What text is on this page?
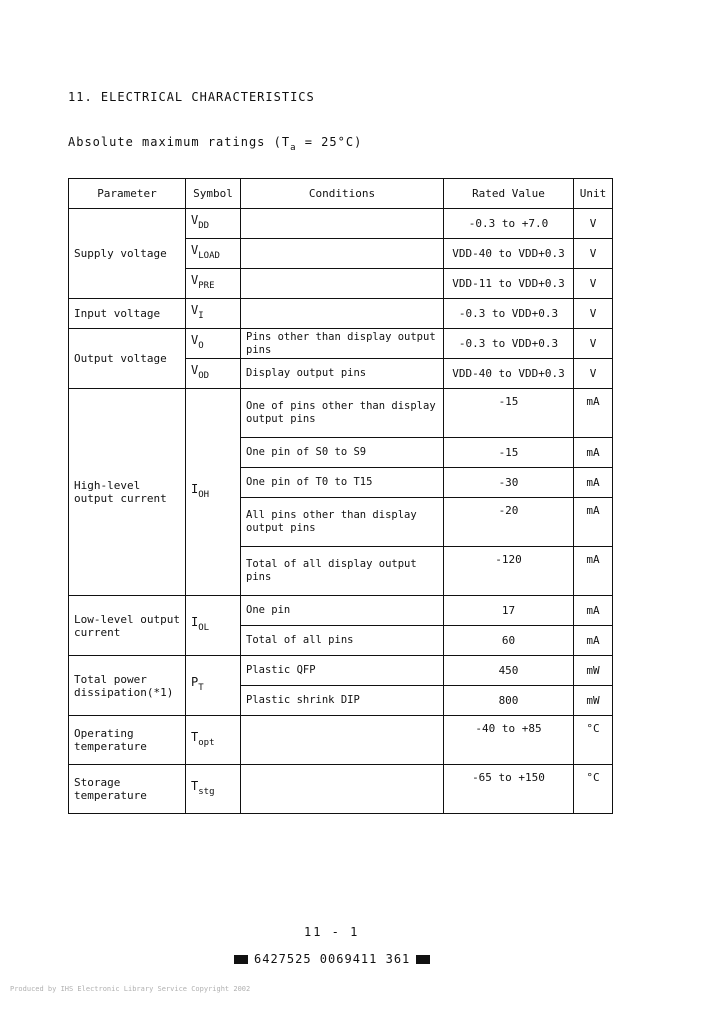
11. ELECTRICAL CHARACTERISTICS
Absolute maximum ratings $(T_a = 25^\circ C)$
Parameter	Symbol	Conditions	Rated Value	Unit
Supply voltage	$V_{DD}$		-0.3 to +7.0	V
	$V_{LOAD}$		VDD-40 to VDD+0.3	V
	$V_{PRE}$		VDD-11 to VDD+0.3	V
Input voltage	$V_I$		-0.3 to VDD+0.3	V
Output voltage	$V_O$	Pins other than display output pins	-0.3 to VDD+0.3	V
	$V_{OD}$	Display output pins	VDD-40 to VDD+0.3	V
High-level output current	$I_{OH}$	One of pins other than display output pins	-15	mA
		One pin of S0 to S9	-15	mA
		One pin of T0 to T15	-30	mA
		All pins other than display output pins	-20	mA
		Total of all display output pins	-120	mA
Low-level output current	$I_{OL}$	One pin	17	mA
		Total of all pins	60	mA
Total power dissipation(*1)	$P_T$	Plastic QFP	450	mW
		Plastic shrink DIP	800	mW
Operating temperature	$T_{opt}$		-40 to +85	°C
Storage temperature	$T_{stg}$		-65 to +150	°C
11 - 1
6427525 0069411 361
Produced by IHS Electronic Library Service Copyright 2002
